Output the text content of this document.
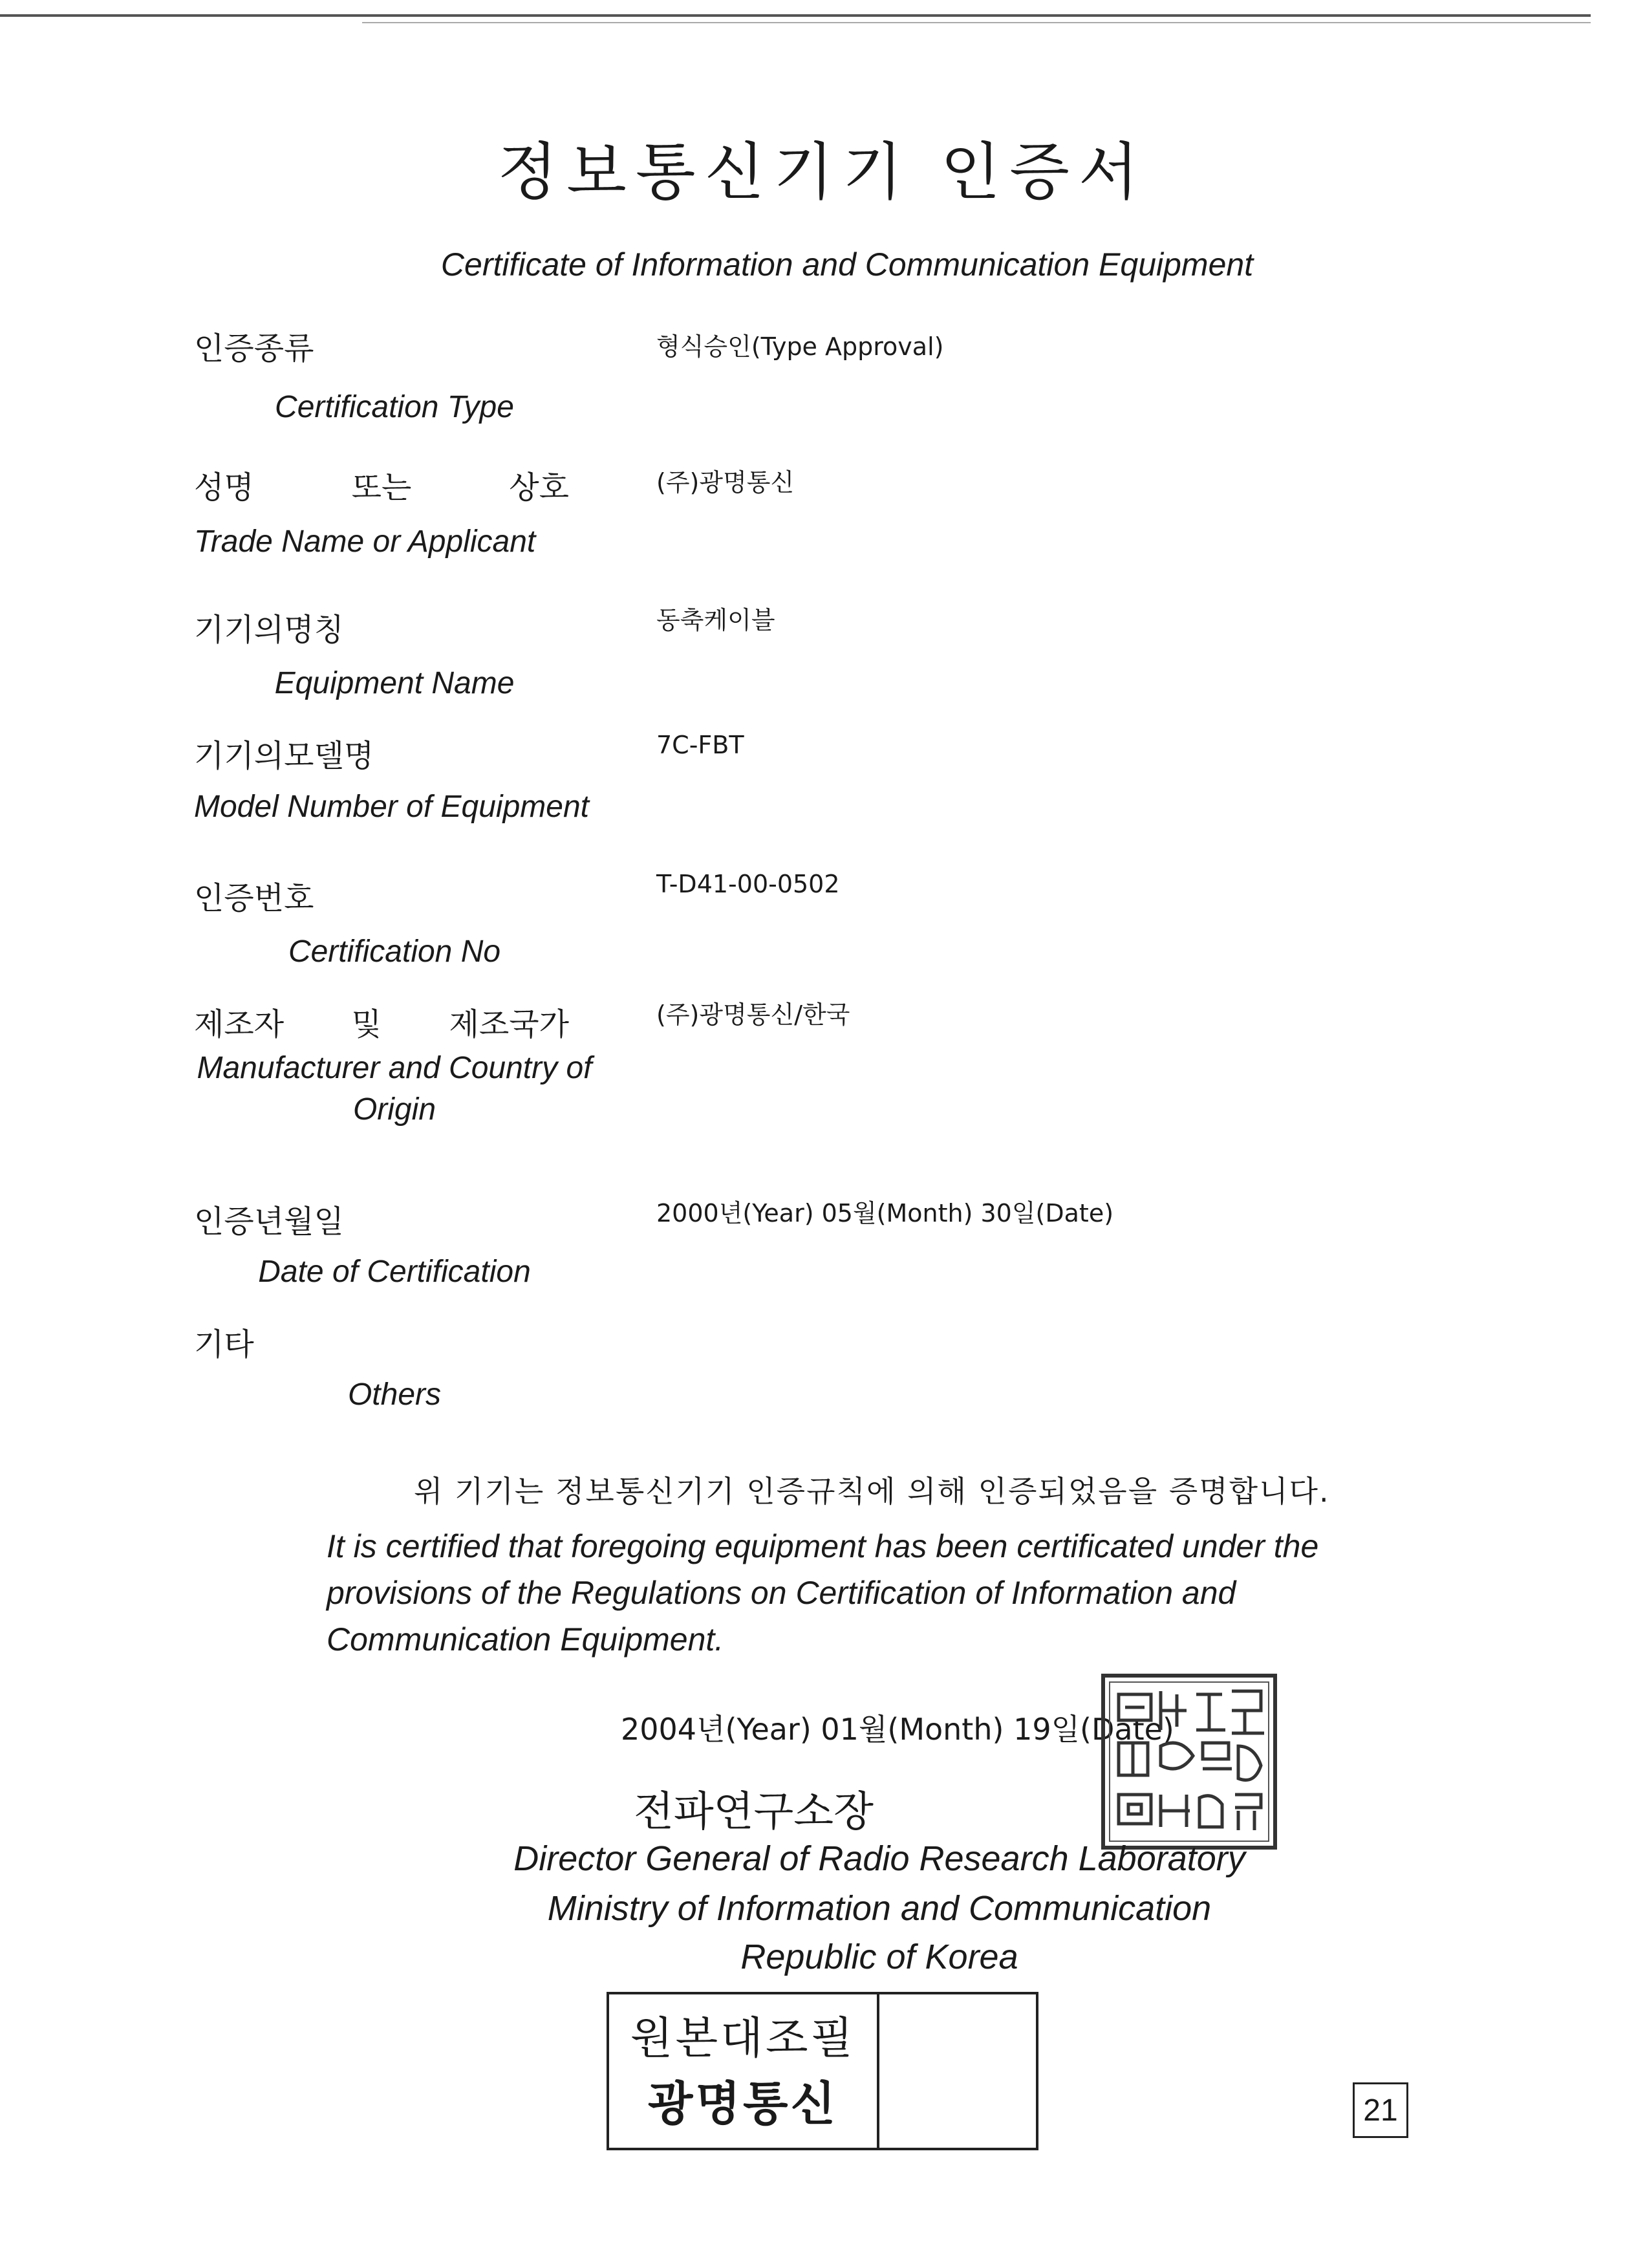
정보통신기기 인증서
Certificate of Information and Communication Equipment
인증종류	형식승인(Type Approval)
Certification Type
성명 또는 상호	(주)광명통신
Trade Name or Applicant
기기의명칭	동축케이블
Equipment Name
기기의모델명	7C-FBT
Model Number of Equipment
인증번호	T-D41-00-0502
Certification No
제조자 및 제조국가	(주)광명통신/한국
Manufacturer and Country of Origin
인증년월일	2000년(Year) 05월(Month) 30일(Date)
Date of Certification
기타
Others
위 기기는 정보통신기기 인증규칙에 의해 인증되었음을 증명합니다.
It is certified that foregoing equipment has been certificated under the provisions of the Regulations on Certification of Information and Communication Equipment.
2004년(Year) 01월(Month) 19일(Date)
전파연구소장
Director General of Radio Research Laboratory
Ministry of Information and Communication
Republic of Korea
원본대조필
광명통신	21
